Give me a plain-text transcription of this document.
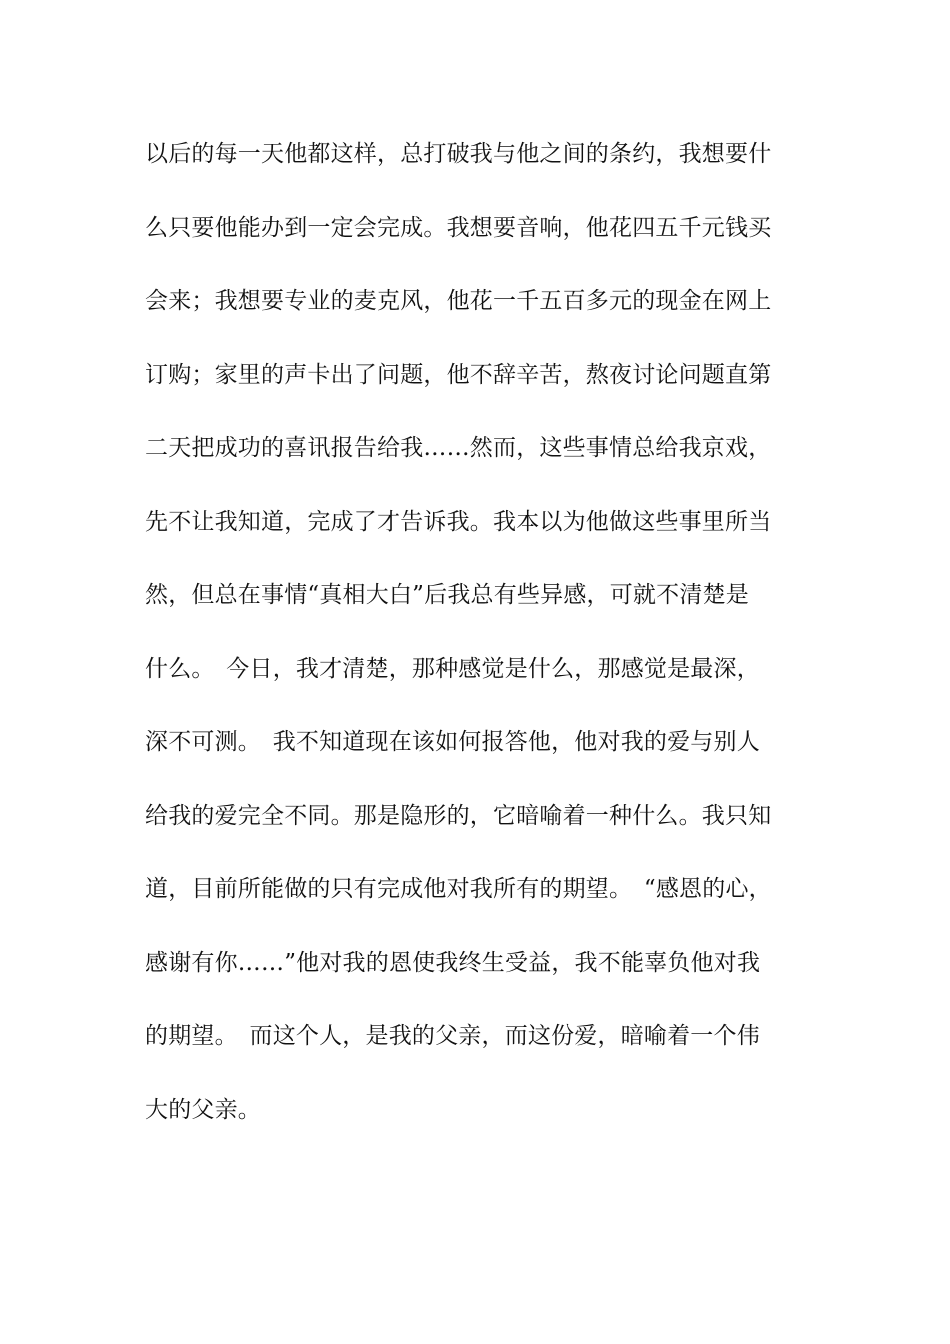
以后的每一天他都这样，总打破我与他之间的条约，我想要什
么只要他能办到一定会完成。我想要音响，他花四五千元钱买
会来；我想要专业的麦克风，他花一千五百多元的现金在网上
订购；家里的声卡出了问题，他不辞辛苦，熬夜讨论问题直第
二天把成功的喜讯报告给我……然而，这些事情总给我京戏，
先不让我知道，完成了才告诉我。我本以为他做这些事里所当
然，但总在事情“真相大白”后我总有些异感，可就不清楚是
什么。　今日，我才清楚，那种感觉是什么，那感觉是最深，
深不可测。　我不知道现在该如何报答他，他对我的爱与别人
给我的爱完全不同。那是隐形的，它暗喻着一种什么。我只知
道，目前所能做的只有完成他对我所有的期望。　“感恩的心，
感谢有你……”他对我的恩使我终生受益，我不能辜负他对我
的期望。　而这个人，是我的父亲，而这份爱，暗喻着一个伟
大的父亲。
